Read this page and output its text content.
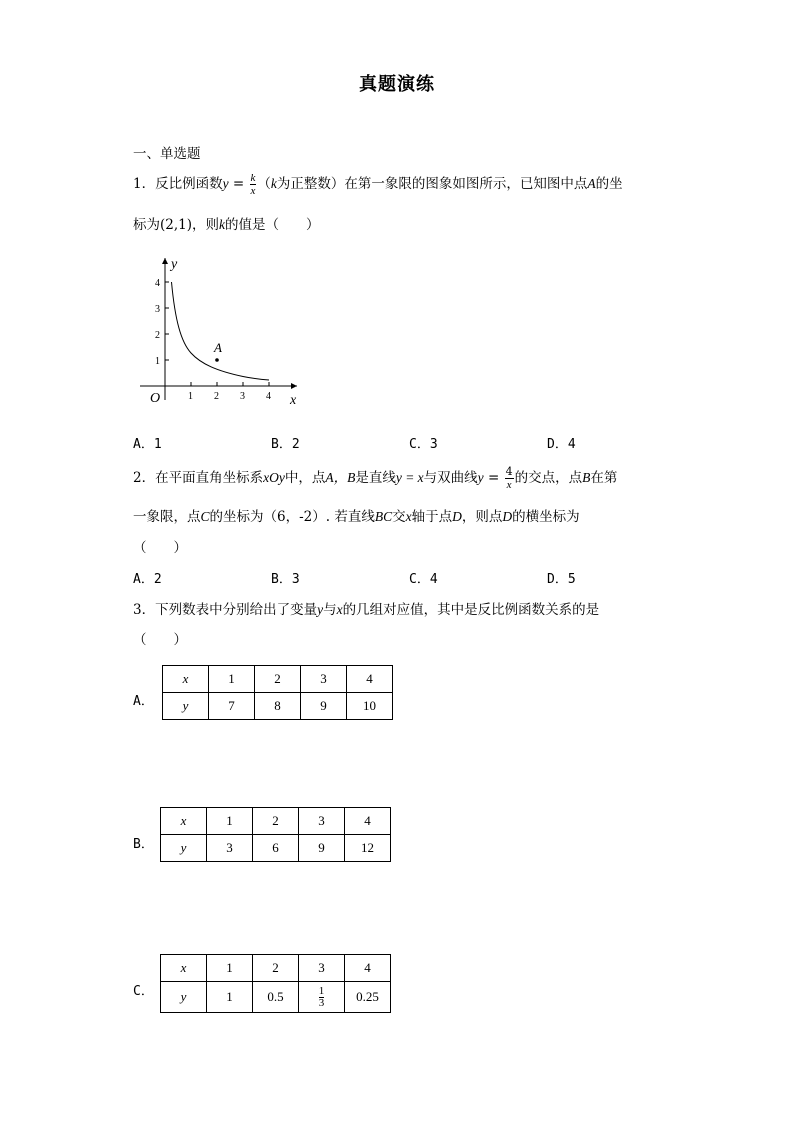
真题演练
一、单选题
1．反比例函数$y = \frac{k}{x} (k$为正整数）在第一象限的图象如图所示，已知图中点A的坐
标为(2,1)，则k的值是（　　）
A
y
x
O	1 2 3 4
1
2
3
4
A．1	B．2	C．3	D．4
2．在平面直角坐标系xOy中，点A，B是直线y = x与双曲线$y = \frac{4}{x}$ 的交点，点B在第
一象限，点C的坐标为（6，-2）. 若直线BC交x轴于点D，则点D的横坐标为
（　　）
A．2	B．3	C．4	D．5
3．下列数表中分别给出了变量y与x的几组对应值，其中是反比例函数关系的是
（　　）
A．
x	1	2	3	4
y	7	8	9	10
B．
x	1	2	3	4
y	3	6	9	12
C．
x	1	2	3	4
y	1	0.5	$\frac{1}{3}$	0.25
